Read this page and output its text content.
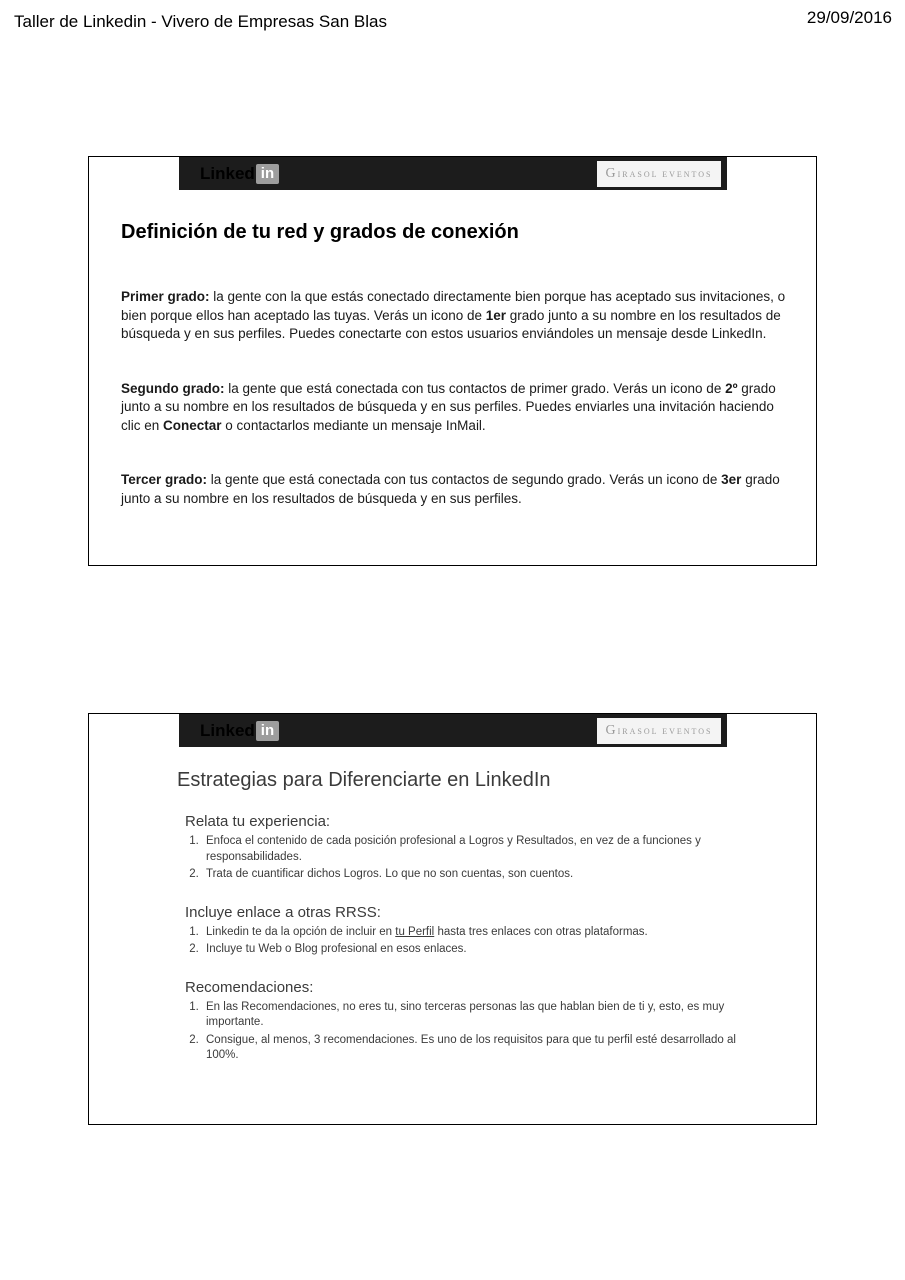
Taller de Linkedin - Vivero de Empresas San Blas	29/09/2016
Linked in	GIRASOL EVENTOS
Definición de tu red y grados de conexión

Primer grado: la gente con la que estás conectado directamente bien porque has aceptado sus invitaciones, o bien porque ellos han aceptado las tuyas. Verás un icono de 1er grado junto a su nombre en los resultados de búsqueda y en sus perfiles. Puedes conectarte con estos usuarios enviándoles un mensaje desde LinkedIn.

Segundo grado: la gente que está conectada con tus contactos de primer grado. Verás un icono de 2º grado junto a su nombre en los resultados de búsqueda y en sus perfiles. Puedes enviarles una invitación haciendo clic en Conectar o contactarlos mediante un mensaje InMail.

Tercer grado: la gente que está conectada con tus contactos de segundo grado. Verás un icono de 3er grado junto a su nombre en los resultados de búsqueda y en sus perfiles.

Linked in	GIRASOL EVENTOS
Estrategias para Diferenciarte en LinkedIn
Relata tu experiencia:
1. Enfoca el contenido de cada posición profesional a Logros y Resultados, en vez de a funciones y responsabilidades.
2. Trata de cuantificar dichos Logros. Lo que no son cuentas, son cuentos.
Incluye enlace a otras RRSS:
1. Linkedin te da la opción de incluir en tu Perfil hasta tres enlaces con otras plataformas.
2. Incluye tu Web o Blog profesional en esos enlaces.
Recomendaciones:
1. En las Recomendaciones, no eres tu, sino terceras personas las que hablan bien de ti y, esto, es muy importante.
2. Consigue, al menos, 3 recomendaciones. Es uno de los requisitos para que tu perfil esté desarrollado al 100%.
